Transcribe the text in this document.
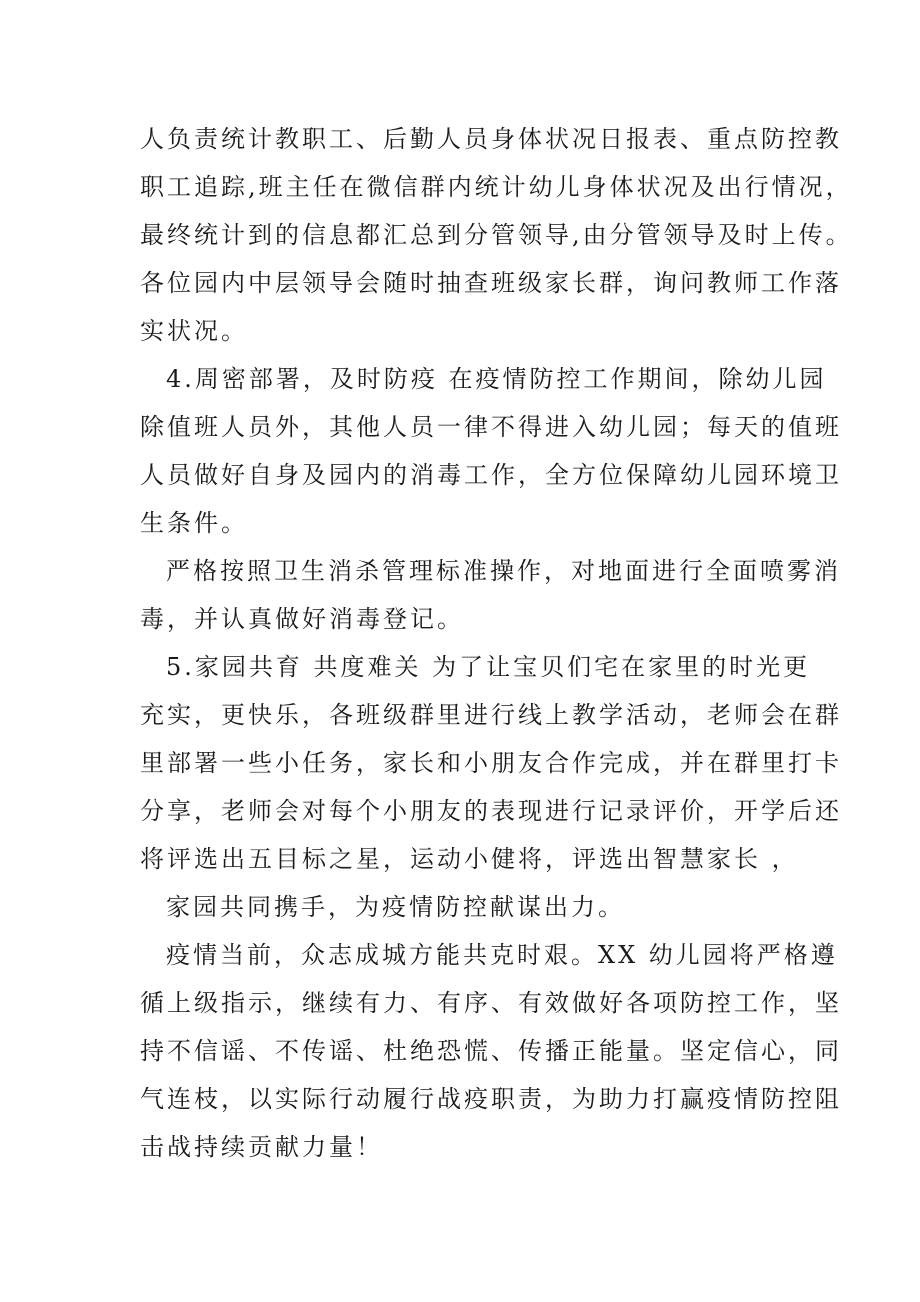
人负责统计教职工、后勤人员身体状况日报表、重点防控教
职工追踪,班主任在微信群内统计幼儿身体状况及出行情况，
最终统计到的信息都汇总到分管领导,由分管领导及时上传。
各位园内中层领导会随时抽查班级家长群，询问教师工作落
实状况。
4.周密部署，及时防疫 在疫情防控工作期间，除幼儿园
除值班人员外，其他人员一律不得进入幼儿园；每天的值班
人员做好自身及园内的消毒工作，全方位保障幼儿园环境卫
生条件。
严格按照卫生消杀管理标准操作，对地面进行全面喷雾消
毒，并认真做好消毒登记。
5.家园共育 共度难关 为了让宝贝们宅在家里的时光更
充实，更快乐，各班级群里进行线上教学活动，老师会在群
里部署一些小任务，家长和小朋友合作完成，并在群里打卡
分享，老师会对每个小朋友的表现进行记录评价，开学后还
将评选出五目标之星，运动小健将，评选出智慧家长 ，
家园共同携手，为疫情防控献谋出力。
疫情当前，众志成城方能共克时艰。XX 幼儿园将严格遵
循上级指示，继续有力、有序、有效做好各项防控工作，坚
持不信谣、不传谣、杜绝恐慌、传播正能量。坚定信心，同
气连枝，以实际行动履行战疫职责，为助力打赢疫情防控阻
击战持续贡献力量！
